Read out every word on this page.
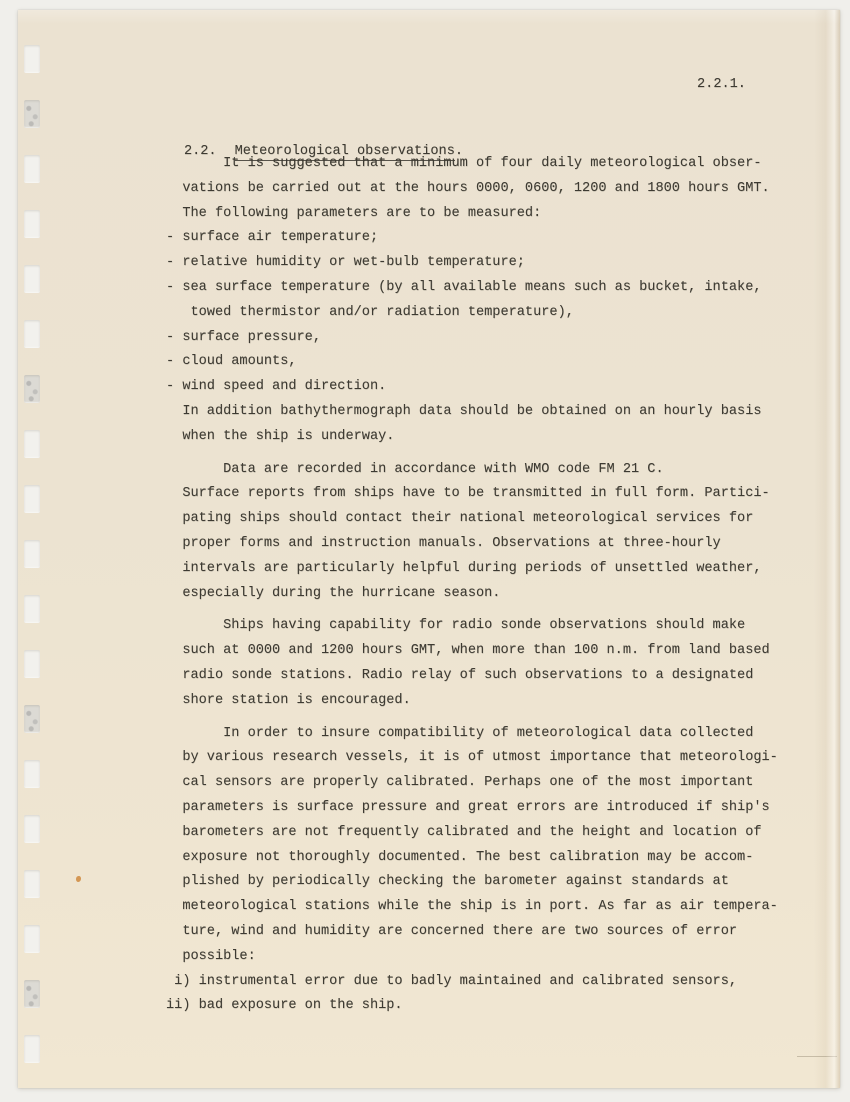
2.2.1.

2.2. Meteorological observations.

It is suggested that a minimum of four daily meteorological obser-
vations be carried out at the hours 0000, 0600, 1200 and 1800 hours GMT.
The following parameters are to be measured:
- surface air temperature;
- relative humidity or wet-bulb temperature;
- sea surface temperature (by all available means such as bucket, intake,
towed thermistor and/or radiation temperature),
- surface pressure,
- cloud amounts,
- wind speed and direction.
In addition bathythermograph data should be obtained on an hourly basis
when the ship is underway.
Data are recorded in accordance with WMO code FM 21 C.
Surface reports from ships have to be transmitted in full form. Partici-
pating ships should contact their national meteorological services for
proper forms and instruction manuals. Observations at three-hourly
intervals are particularly helpful during periods of unsettled weather,
especially during the hurricane season.
Ships having capability for radio sonde observations should make
such at 0000 and 1200 hours GMT, when more than 100 n.m. from land based
radio sonde stations. Radio relay of such observations to a designated
shore station is encouraged.
In order to insure compatibility of meteorological data collected
by various research vessels, it is of utmost importance that meteorologi-
cal sensors are properly calibrated. Perhaps one of the most important
parameters is surface pressure and great errors are introduced if ship's
barometers are not frequently calibrated and the height and location of
exposure not thoroughly documented. The best calibration may be accom-
plished by periodically checking the barometer against standards at
meteorological stations while the ship is in port. As far as air tempera-
ture, wind and humidity are concerned there are two sources of error
possible:
i) instrumental error due to badly maintained and calibrated sensors,
ii) bad exposure on the ship.
